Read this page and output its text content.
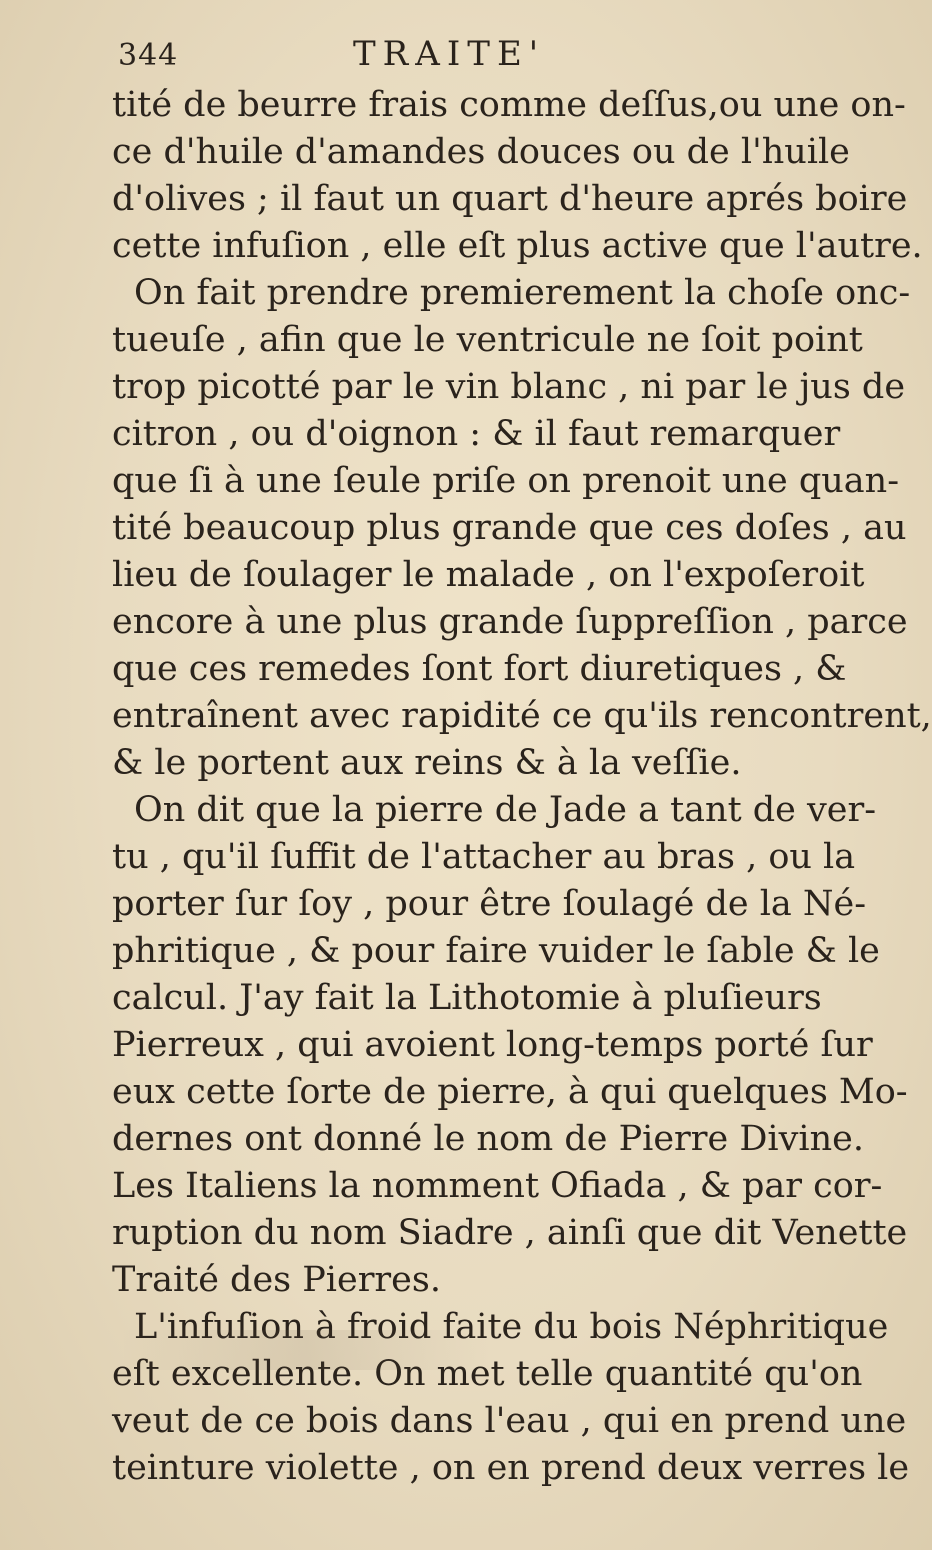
344	TRAITE'
tité de beurre frais comme deſſus,ou une on-
ce d'huile d'amandes douces ou de l'huile
d'olives ; il faut un quart d'heure aprés boire
cette infuſion , elle eſt plus active que l'autre.
On fait prendre premierement la choſe onc-
tueuſe , afin que le ventricule ne ſoit point
trop picotté par le vin blanc , ni par le jus de
citron , ou d'oignon : & il faut remarquer
que ſi à une ſeule priſe on prenoit une quan-
tité beaucoup plus grande que ces doſes , au
lieu de ſoulager le malade , on l'expoſeroit
encore à une plus grande ſuppreſſion , parce
que ces remedes ſont fort diuretiques , &
entraînent avec rapidité ce qu'ils rencontrent,
& le portent aux reins & à la veſſie.
On dit que la pierre de Jade a tant de ver-
tu , qu'il ſuffit de l'attacher au bras , ou la
porter ſur ſoy , pour être ſoulagé de la Né-
phritique , & pour faire vuider le ſable & le
calcul. J'ay fait la Lithotomie à pluſieurs
Pierreux , qui avoient long-temps porté ſur
eux cette ſorte de pierre, à qui quelques Mo-
dernes ont donné le nom de Pierre Divine.
Les Italiens la nomment Ofiada , & par cor-
ruption du nom Siadre , ainſi que dit Venette
Traité des Pierres.
L'infuſion à froid faite du bois Néphritique
eſt excellente. On met telle quantité qu'on
veut de ce bois dans l'eau , qui en prend une
teinture violette , on en prend deux verres le
